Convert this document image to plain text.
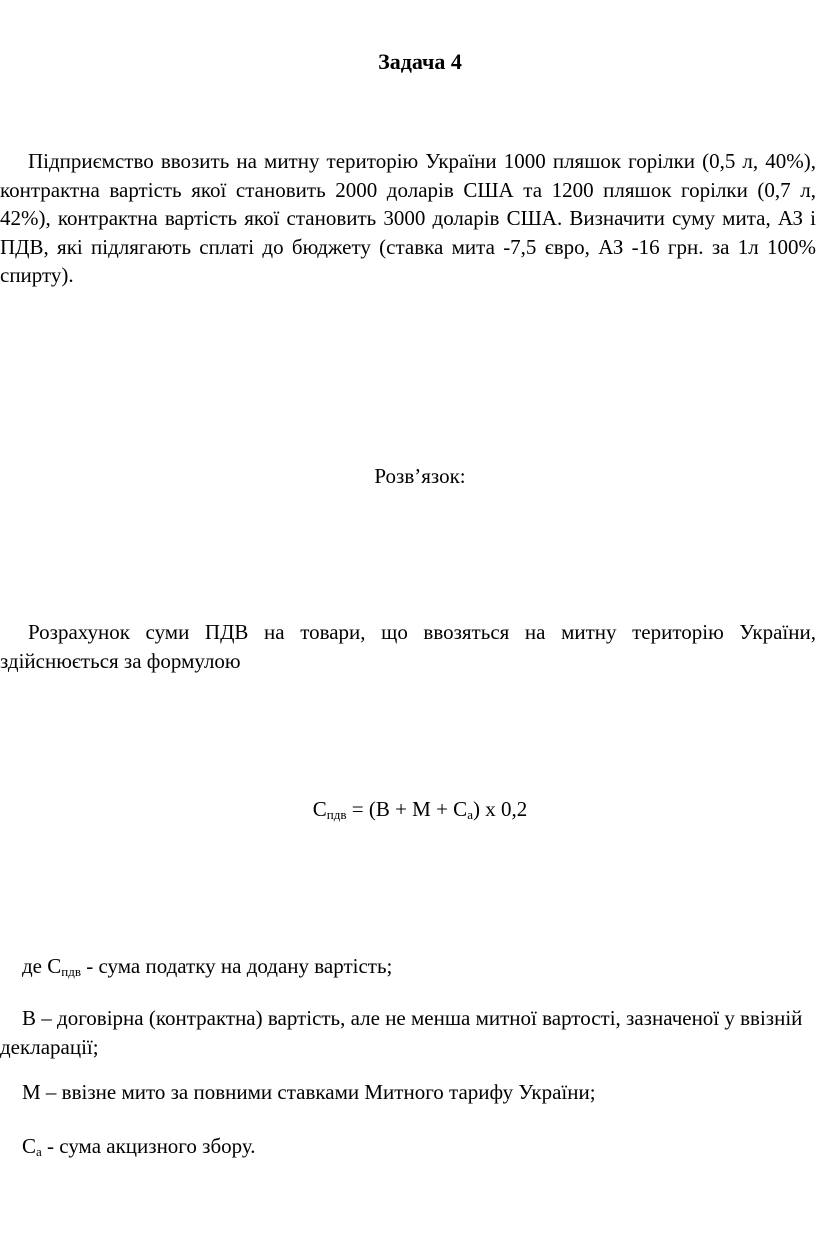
Задача 4

Підприємство ввозить на митну територію України 1000 пляшок горілки (0,5 л, 40%), контрактна вартість якої становить 2000 доларів США та 1200 пляшок горілки (0,7 л, 42%), контрактна вартість якої становить 3000 доларів США. Визначити суму мита, АЗ і ПДВ, які підлягають сплаті до бюджету (ставка мита -7,5 євро, АЗ -16 грн. за 1л 100% спирту).

Розв’язок:

Розрахунок суми ПДВ на товари, що ввозяться на митну територію України, здійснюється за формулою

$С_{пдв} = (В + М + С_а)$ х 0,2

де $С_{пдв}$ - сума податку на додану вартість;

В – договірна (контрактна) вартість, але не менша митної вартості, зазначеної у ввізній декларації;

М – ввізне мито за повними ставками Митного тарифу України;

$С_а$ - сума акцизного збору.
